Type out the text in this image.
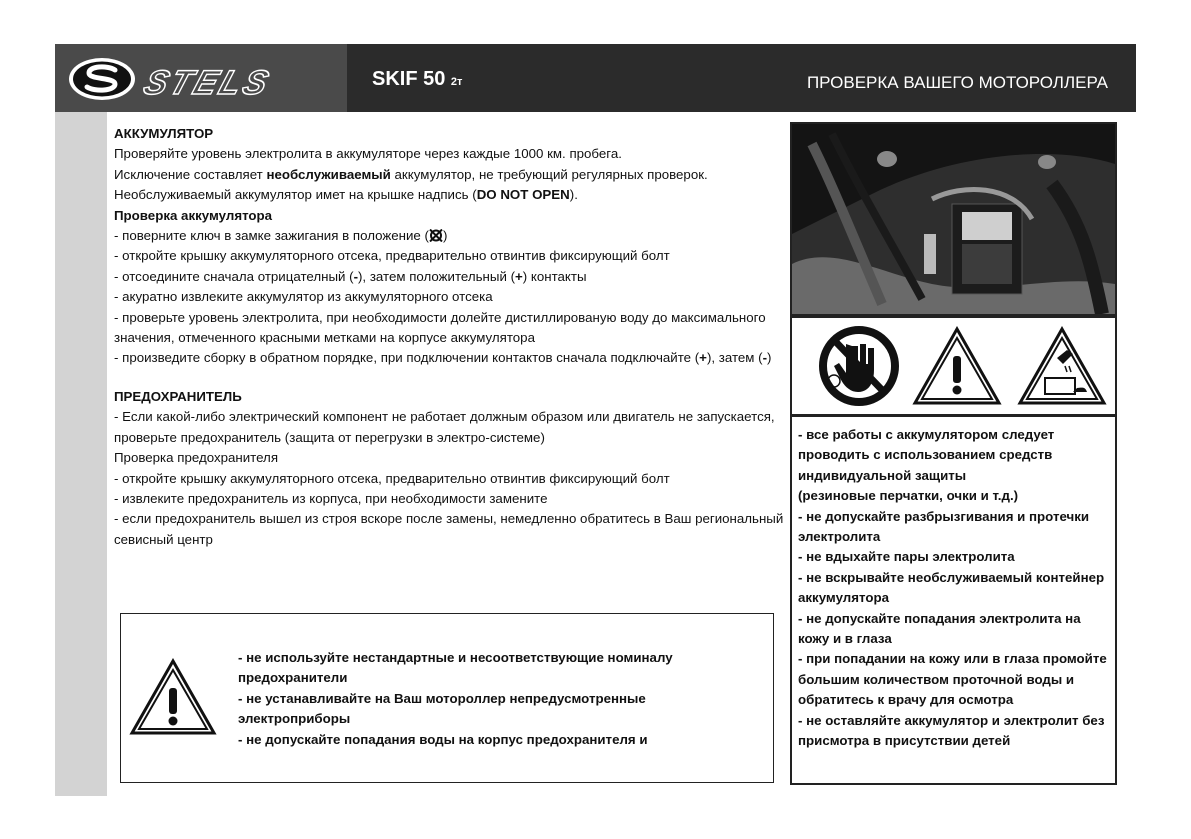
STELS	SKIF 50 2т	ПРОВЕРКА ВАШЕГО МОТОРОЛЛЕРА

АККУМУЛЯТОР

Проверяйте уровень электролита в аккумуляторе через каждые 1000 км. пробега.

Исключение составляет необслуживаемый аккумулятор, не требующий регулярных проверок.

Необслуживаемый аккумулятор имет на крышке надпись (DO NOT OPEN).

Проверка аккумулятора

- поверните ключ в замке зажигания в положение ( )

- откройте крышку аккумуляторного отсека, предварительно отвинтив фиксирующий болт

- отсоедините сначала отрицателный (-), затем положительный (+) контакты

- акуратно извлеките аккумулятор из аккумуляторного отсека

- проверьте уровень электролита, при необходимости долейте дистиллированую воду до максимального значения, отмеченного красными метками на корпусе аккумулятора

- произведите сборку в обратном порядке, при подключении контактов сначала подключайте (+), затем (-)

ПРЕДОХРАНИТЕЛЬ

- Если какой-либо электрический компонент не работает должным образом или двигатель не запускается, проверьте предохранитель (защита от перегрузки в электро-системе)

Проверка предохранителя

- откройте крышку аккумуляторного отсека, предварительно отвинтив фиксирующий болт

- извлеките предохранитель из корпуса, при необходимости замените

- если предохранитель вышел из строя вскоре после замены, немедленно обратитесь в Ваш региональный севисный центр

- не используйте нестандартные и несоответствующие номиналу предохранители

- не устанавливайте на Ваш мотороллер непредусмотренные электроприборы

- не допускайте попадания воды на корпус предохранителя и

- все работы с аккумулятором следует проводить с использованием средств индивидуальной защиты

(резиновые перчатки, очки и т.д.)

- не допускайте разбрызгивания и протечки электролита

- не вдыхайте пары электролита

- не вскрывайте необслуживаемый контейнер аккумулятора

- не допускайте попадания электролита на кожу и в глаза

- при попадании на кожу или в глаза промойте большим количеством проточной воды и обратитесь к врачу для осмотра

- не оставляйте аккумулятор и электролит без присмотра в присутствии детей
